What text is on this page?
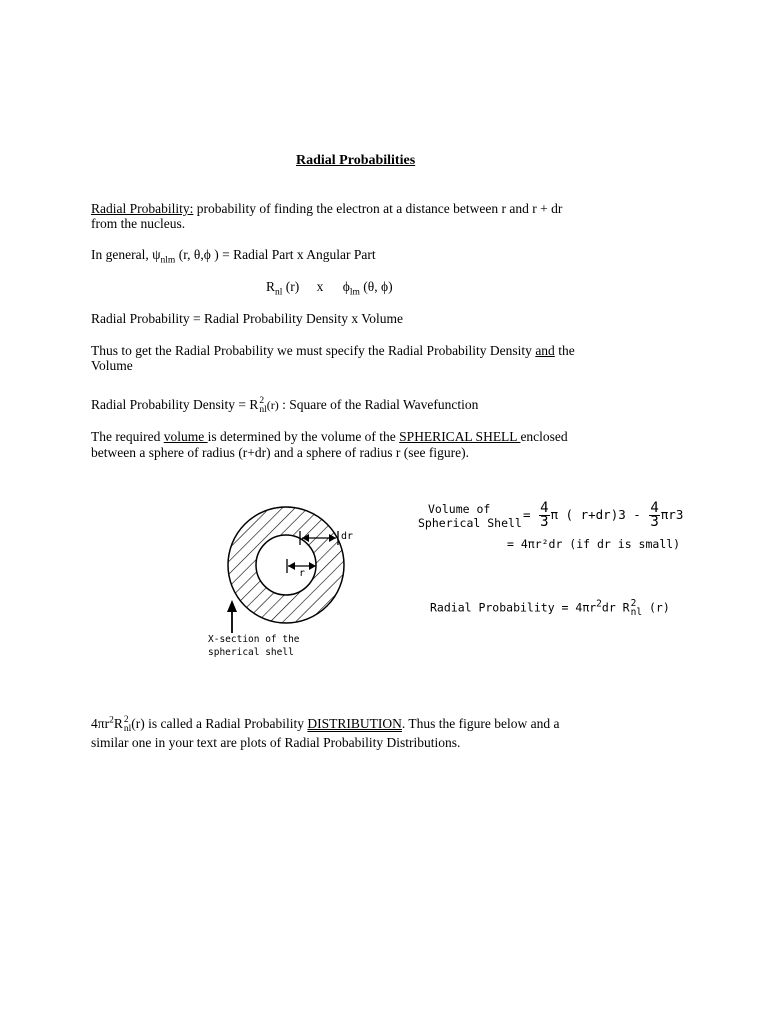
Radial Probabilities
Radial Probability: probability of finding the electron at a distance between r and r + dr
from the nucleus.
In general, $\psi_{nlm}$ (r, θ,ϕ ) = Radial Part x Angular Part
$R_{nl}$ (r) x $\phi_{lm}$ (θ, ϕ)
Radial Probability = Radial Probability Density x Volume
Thus to get the Radial Probability we must specify the Radial Probability Density and the
Volume
Radial Probability Density = R 2
nl (r) : Square of the Radial Wavefunction
The required volume is determined by the volume of the SPHERICAL SHELL enclosed
between a sphere of radius (r+dr) and a sphere of radius r (see figure).
dr
r
X-section of the
spherical shell
Volume of
Spherical Shell
= $\frac{4}{3}$ π ( $r+dr)3 - \frac{4}{3} \pi r3$
= 4πr²dr (if dr is small)
Radial Probability = $4\pi r^2dr$ R 2
nl (r)
$4\pi r^2R$ 2
nl (r) is called a Radial Probability DISTRIBUTION. Thus the figure below and a
similar one in your text are plots of Radial Probability Distributions.
